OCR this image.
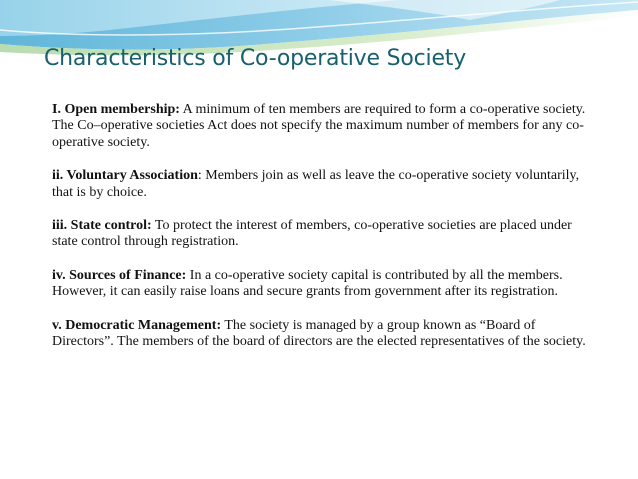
Characteristics of Co-operative Society

I. Open membership: A minimum of ten members are required to form a co-operative society. The Co–operative societies Act does not specify the maximum number of members for any co-operative society.

ii. Voluntary Association: Members join as well as leave the co-operative society voluntarily, that is by choice.

iii. State control: To protect the interest of members, co-operative societies are placed under state control through registration.

iv. Sources of Finance: In a co-operative society capital is contributed by all the members. However, it can easily raise loans and secure grants from government after its registration.

v. Democratic Management: The society is managed by a group known as “Board of Directors”. The members of the board of directors are the elected representatives of the society.
